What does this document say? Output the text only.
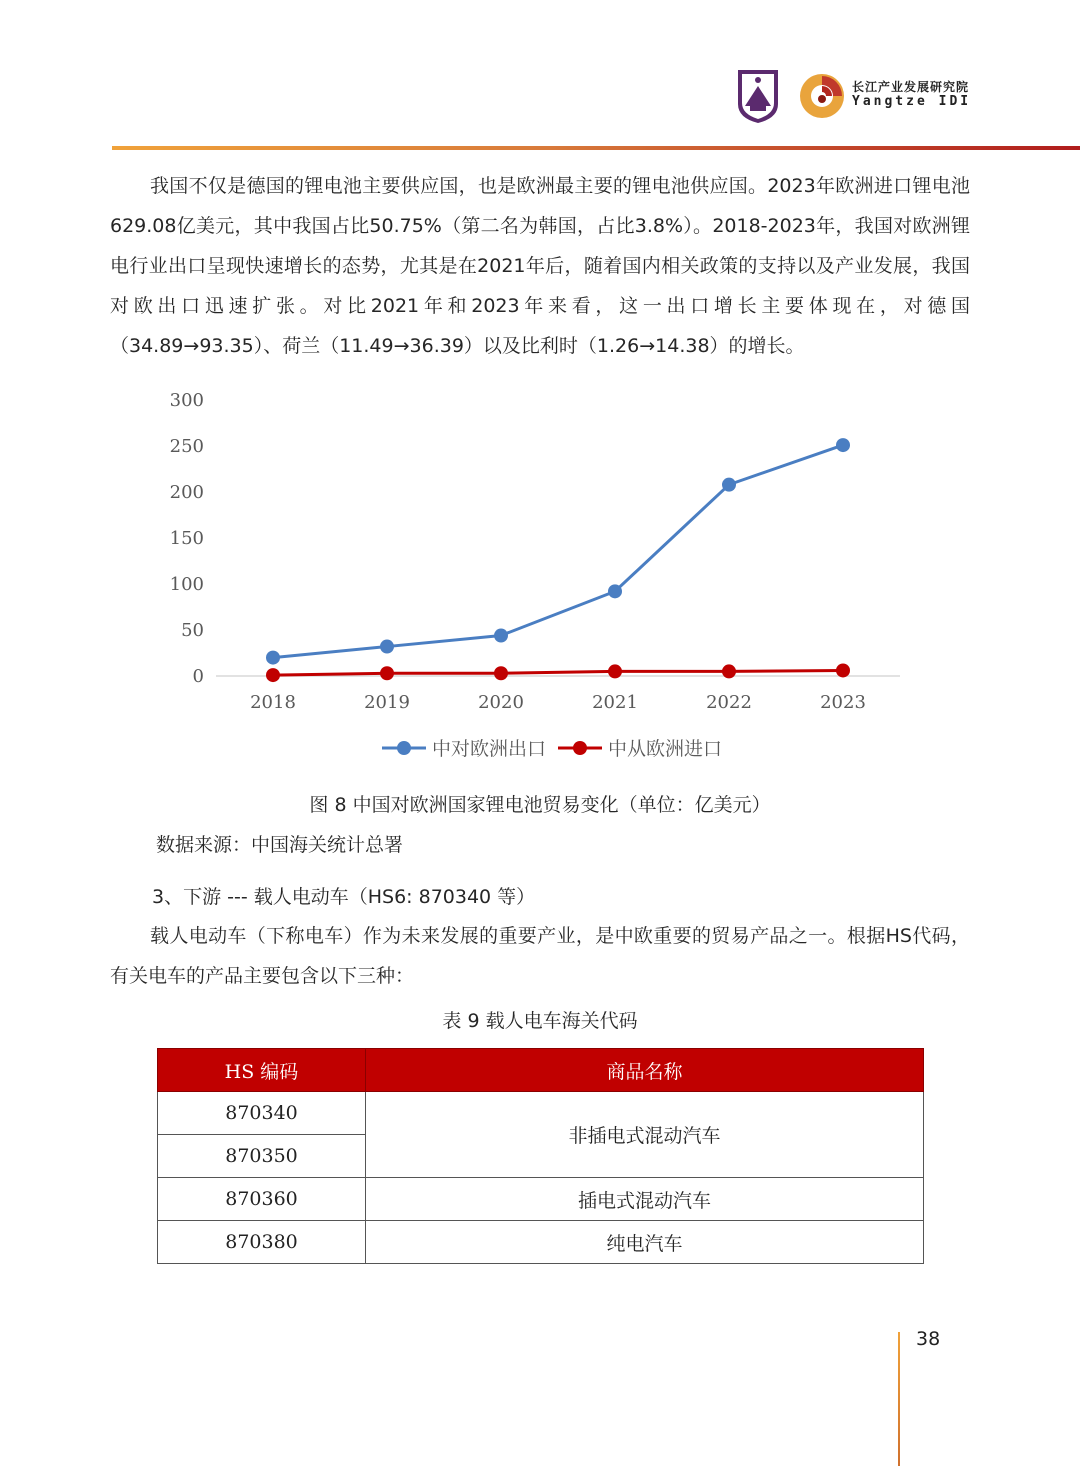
长江产业发展研究院
Yangtze IDI

我国不仅是德国的锂电池主要供应国，也是欧洲最主要的锂电池供应国。2023年欧洲进口锂电池629.08亿美元，其中我国占比50.75%（第二名为韩国，占比3.8%）。2018-2023年，我国对欧洲锂电行业出口呈现快速增长的态势，尤其是在2021年后，随着国内相关政策的支持以及产业发展，我国对欧出口迅速扩张。对比2021年和2023年来看，这一出口增长主要体现在，对德国（34.89→93.35）、荷兰（11.49→36.39）以及比利时（1.26→14.38）的增长。

0
50
100
150
200
250
300
2018	2019	2020	2021	2022	2023
中对欧洲出口	中从欧洲进口
图 8 中国对欧洲国家锂电池贸易变化（单位：亿美元）
数据来源：中国海关统计总署
3、下游 --- 载人电动车（HS6: 870340 等）

载人电动车（下称电车）作为未来发展的重要产业，是中欧重要的贸易产品之一。根据HS代码，有关电车的产品主要包含以下三种：

表 9 载人电车海关代码
HS 编码	商品名称
870340	非插电式混动汽车
870350	
870360	插电式混动汽车
870380	纯电汽车
38
